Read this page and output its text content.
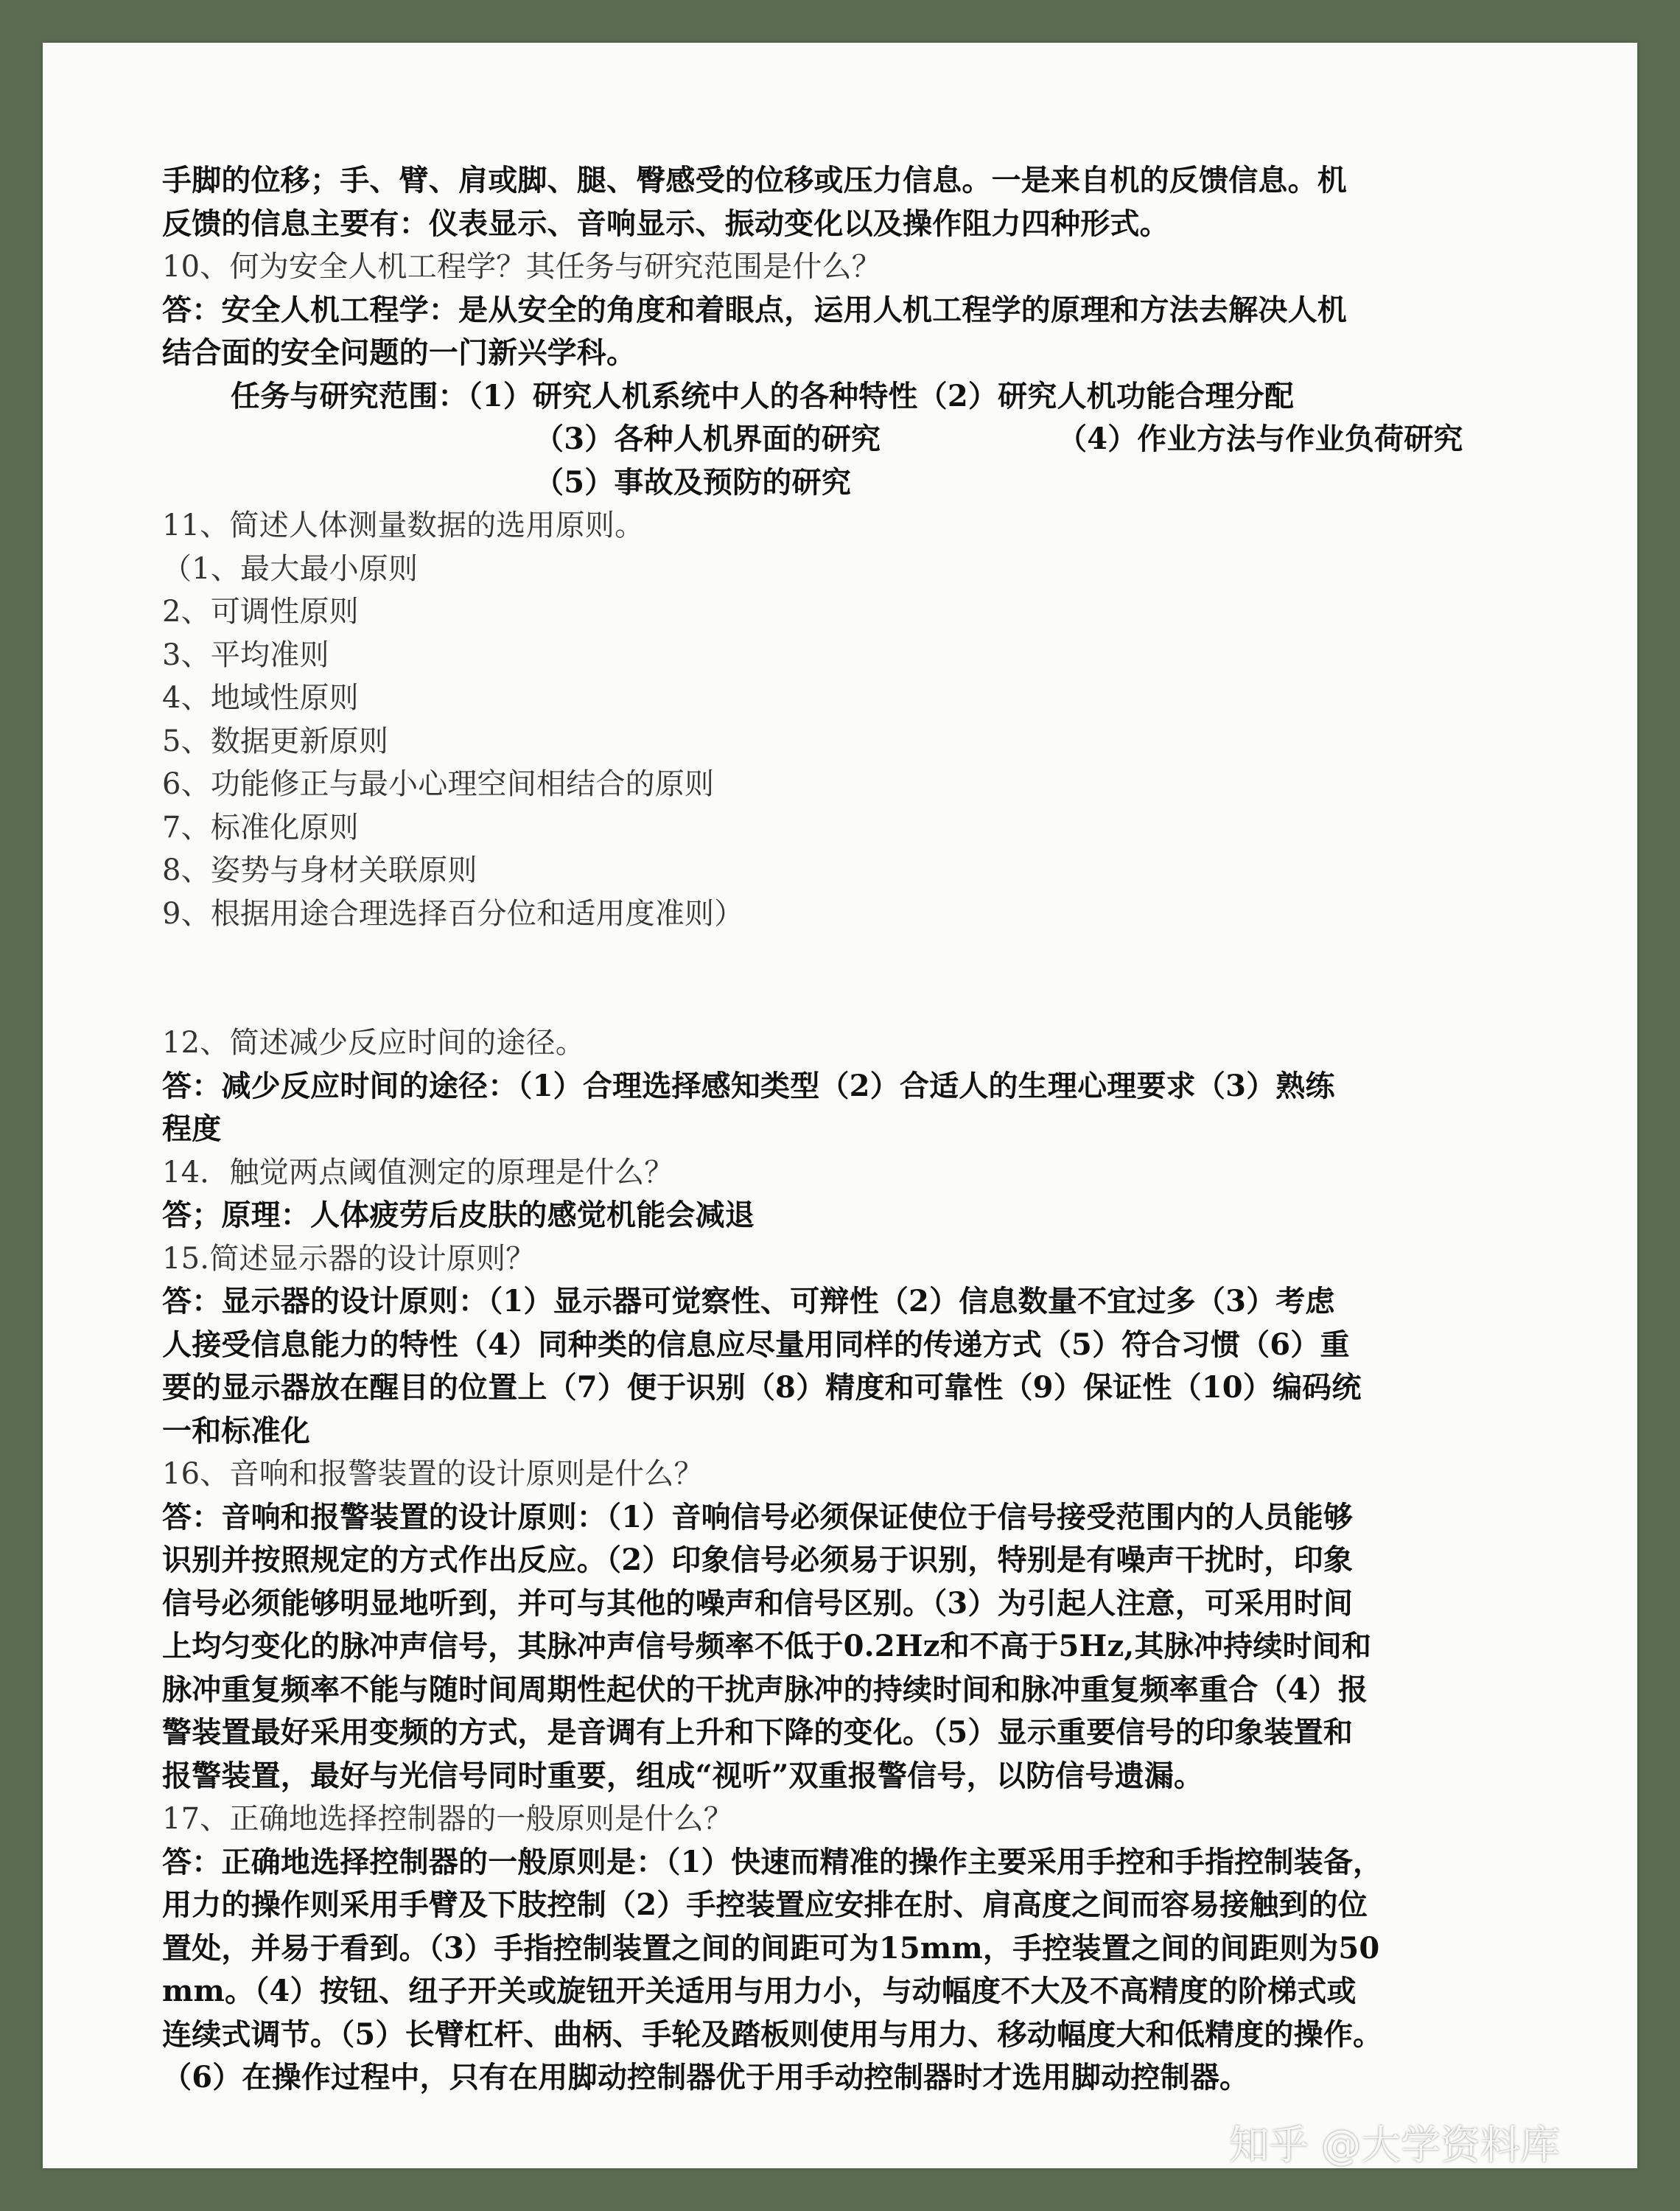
手脚的位移；手、臂、肩或脚、腿、臀感受的位移或压力信息。一是来自机的反馈信息。机
反馈的信息主要有：仪表显示、音响显示、振动变化以及操作阻力四种形式。
10、何为安全人机工程学？其任务与研究范围是什么？
答：安全人机工程学：是从安全的角度和着眼点，运用人机工程学的原理和方法去解决人机
结合面的安全问题的一门新兴学科。
任务与研究范围：（1）研究人机系统中人的各种特性（2）研究人机功能合理分配
（3）各种人机界面的研究	（4）作业方法与作业负荷研究
（5）事故及预防的研究
11、简述人体测量数据的选用原则。
（1、最大最小原则
2、可调性原则
3、平均准则
4、地域性原则
5、数据更新原则
6、功能修正与最小心理空间相结合的原则
7、标准化原则
8、姿势与身材关联原则
9、根据用途合理选择百分位和适用度准则）
12、简述减少反应时间的途径。
答：减少反应时间的途径：（1）合理选择感知类型（2）合适人的生理心理要求（3）熟练
程度
14．触觉两点阈值测定的原理是什么？
答；原理：人体疲劳后皮肤的感觉机能会减退
15.简述显示器的设计原则？
答：显示器的设计原则：（1）显示器可觉察性、可辩性（2）信息数量不宜过多（3）考虑
人接受信息能力的特性（4）同种类的信息应尽量用同样的传递方式（5）符合习惯（6）重
要的显示器放在醒目的位置上（7）便于识别（8）精度和可靠性（9）保证性（10）编码统
一和标准化
16、音响和报警装置的设计原则是什么？
答：音响和报警装置的设计原则：（1）音响信号必须保证使位于信号接受范围内的人员能够
识别并按照规定的方式作出反应。（2）印象信号必须易于识别，特别是有噪声干扰时，印象
信号必须能够明显地听到，并可与其他的噪声和信号区别。（3）为引起人注意，可采用时间
上均匀变化的脉冲声信号，其脉冲声信号频率不低于0.2Hz和不高于5Hz,其脉冲持续时间和
脉冲重复频率不能与随时间周期性起伏的干扰声脉冲的持续时间和脉冲重复频率重合（4）报
警装置最好采用变频的方式，是音调有上升和下降的变化。（5）显示重要信号的印象装置和
报警装置，最好与光信号同时重要，组成“视听”双重报警信号，以防信号遗漏。
17、正确地选择控制器的一般原则是什么？
答：正确地选择控制器的一般原则是：（1）快速而精准的操作主要采用手控和手指控制装备，
用力的操作则采用手臂及下肢控制（2）手控装置应安排在肘、肩高度之间而容易接触到的位
置处，并易于看到。（3）手指控制装置之间的间距可为15mm，手控装置之间的间距则为50
mm。（4）按钮、纽子开关或旋钮开关适用与用力小，与动幅度不大及不高精度的阶梯式或
连续式调节。（5）长臂杠杆、曲柄、手轮及踏板则使用与用力、移动幅度大和低精度的操作。
（6）在操作过程中，只有在用脚动控制器优于用手动控制器时才选用脚动控制器。
知乎 @大学资料库
